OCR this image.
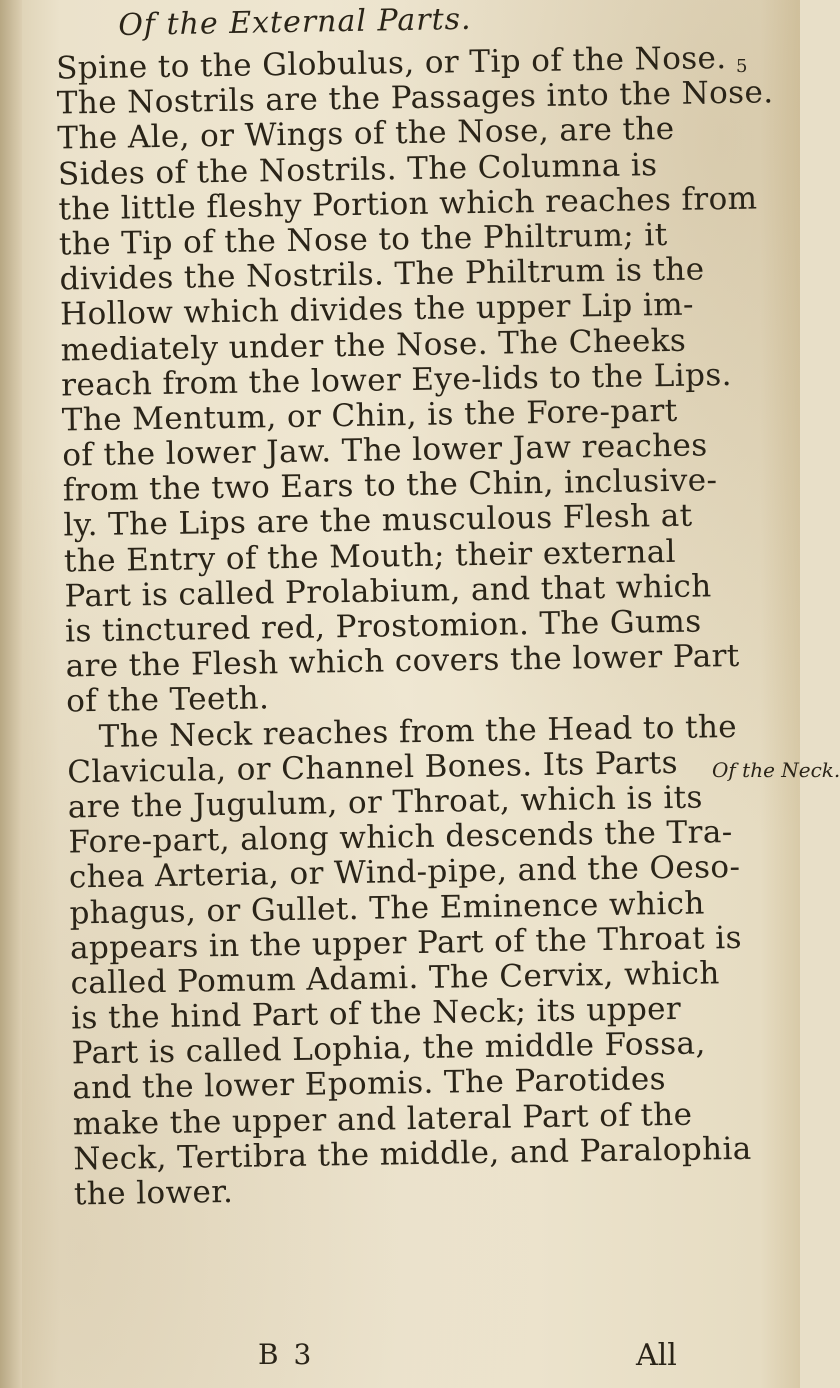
Of the External Parts.
5
Spine to the Globulus, or Tip of the Nose.
The Nostrils are the Passages into the Nose.
The Ale, or Wings of the Nose, are the
Sides of the Nostrils. The Columna is
the little fleshy Portion which reaches from
the Tip of the Nose to the Philtrum; it
divides the Nostrils. The Philtrum is the
Hollow which divides the upper Lip im-
mediately under the Nose. The Cheeks
reach from the lower Eye-lids to the Lips.
The Mentum, or Chin, is the Fore-part
of the lower Jaw. The lower Jaw reaches
from the two Ears to the Chin, inclusive-
ly. The Lips are the musculous Flesh at
the Entry of the Mouth; their external
Part is called Prolabium, and that which
is tinctured red, Prostomion. The Gums
are the Flesh which covers the lower Part
of the Teeth.
The Neck reaches from the Head to the
Clavicula, or Channel Bones. Its Parts
are the Jugulum, or Throat, which is its
Fore-part, along which descends the Tra-
chea Arteria, or Wind-pipe, and the Oeso-
phagus, or Gullet. The Eminence which
appears in the upper Part of the Throat is
called Pomum Adami. The Cervix, which
is the hind Part of the Neck; its upper
Part is called Lophia, the middle Fossa,
and the lower Epomis. The Parotides
make the upper and lateral Part of the
Neck, Tertibra the middle, and Paralophia
the lower.
Of the Neck.
B 3	All
